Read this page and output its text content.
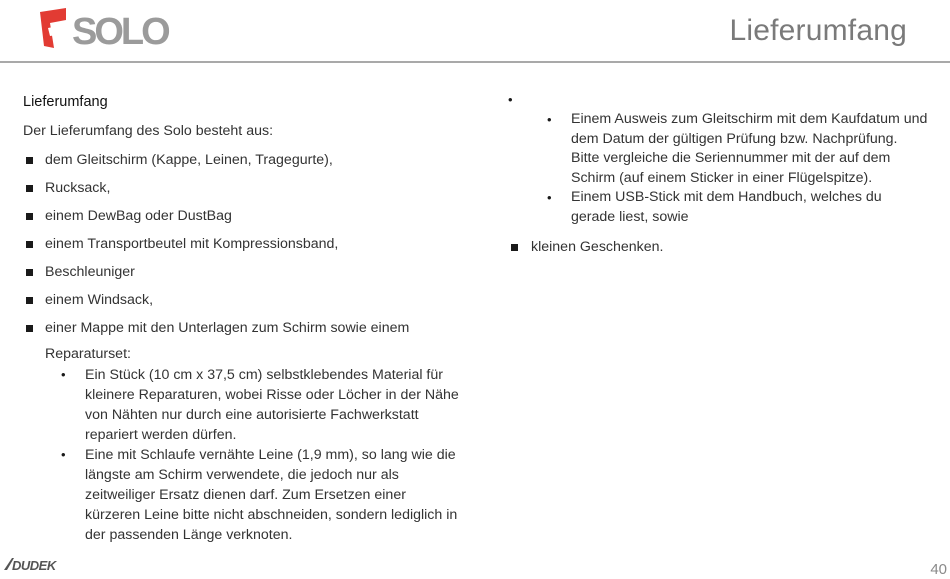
SOLO	Lieferumfang
Lieferumfang
Der Lieferumfang des Solo besteht aus:
dem Gleitschirm (Kappe, Leinen, Tragegurte),
Rucksack,
einem DewBag oder DustBag
einem Transportbeutel mit Kompressionsband,
Beschleuniger
einem Windsack,
einer Mappe mit den Unterlagen zum Schirm sowie einem
Reparaturset:
• Ein Stück (10 cm x 37,5 cm) selbstklebendes Material für kleinere Reparaturen, wobei Risse oder Löcher in der Nähe von Nähten nur durch eine autorisierte Fachwerkstatt repariert werden dürfen.
• Eine mit Schlaufe vernähte Leine (1,9 mm), so lang wie die längste am Schirm verwendete, die jedoch nur als zeitweiliger Ersatz dienen darf. Zum Ersetzen einer kürzeren Leine bitte nicht abschneiden, sondern lediglich in der passenden Länge verknoten.
•
• Einem Ausweis zum Gleitschirm mit dem Kaufdatum und dem Datum der gültigen Prüfung bzw. Nachprüfung. Bitte vergleiche die Seriennummer mit der auf dem Schirm (auf einem Sticker in einer Flügelspitze).
• Einem USB-Stick mit dem Handbuch, welches du gerade liest, sowie
kleinen Geschenken.
DUDEK	40
